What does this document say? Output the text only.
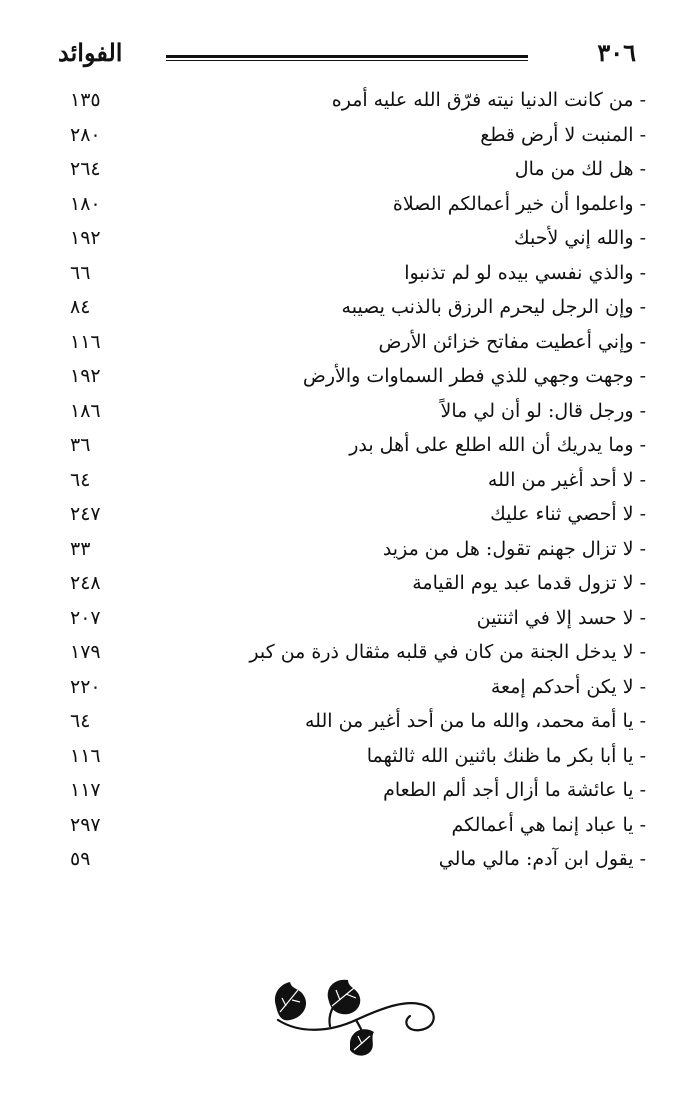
٣٠٦
الفوائد
- من كانت الدنيا نيته فرّق الله عليه أمره
١٣٥
- المنبت لا أرض قطع
٢٨٠
- هل لك من مال
٢٦٤
- واعلموا أن خير أعمالكم الصلاة
١٨٠
- والله إني لأحبك
١٩٢
- والذي نفسي بيده لو لم تذنبوا
٦٦
- وإن الرجل ليحرم الرزق بالذنب يصيبه
٨٤
- وإني أعطيت مفاتح خزائن الأرض
١١٦
- وجهت وجهي للذي فطر السماوات والأرض
١٩٢
- ورجل قال: لو أن لي مالاً
١٨٦
- وما يدريك أن الله اطلع على أهل بدر
٣٦
- لا أحد أغير من الله
٦٤
- لا أحصي ثناء عليك
٢٤٧
- لا تزال جهنم تقول: هل من مزيد
٣٣
- لا تزول قدما عبد يوم القيامة
٢٤٨
- لا حسد إلا في اثنتين
٢٠٧
- لا يدخل الجنة من كان في قلبه مثقال ذرة من كبر
١٧٩
- لا يكن أحدكم إمعة
٢٢٠
- يا أمة محمد، والله ما من أحد أغير من الله
٦٤
- يا أبا بكر ما ظنك باثنين الله ثالثهما
١١٦
- يا عائشة ما أزال أجد ألم الطعام
١١٧
- يا عباد إنما هي أعمالكم
٢٩٧
- يقول ابن آدم: مالي مالي
٥٩
